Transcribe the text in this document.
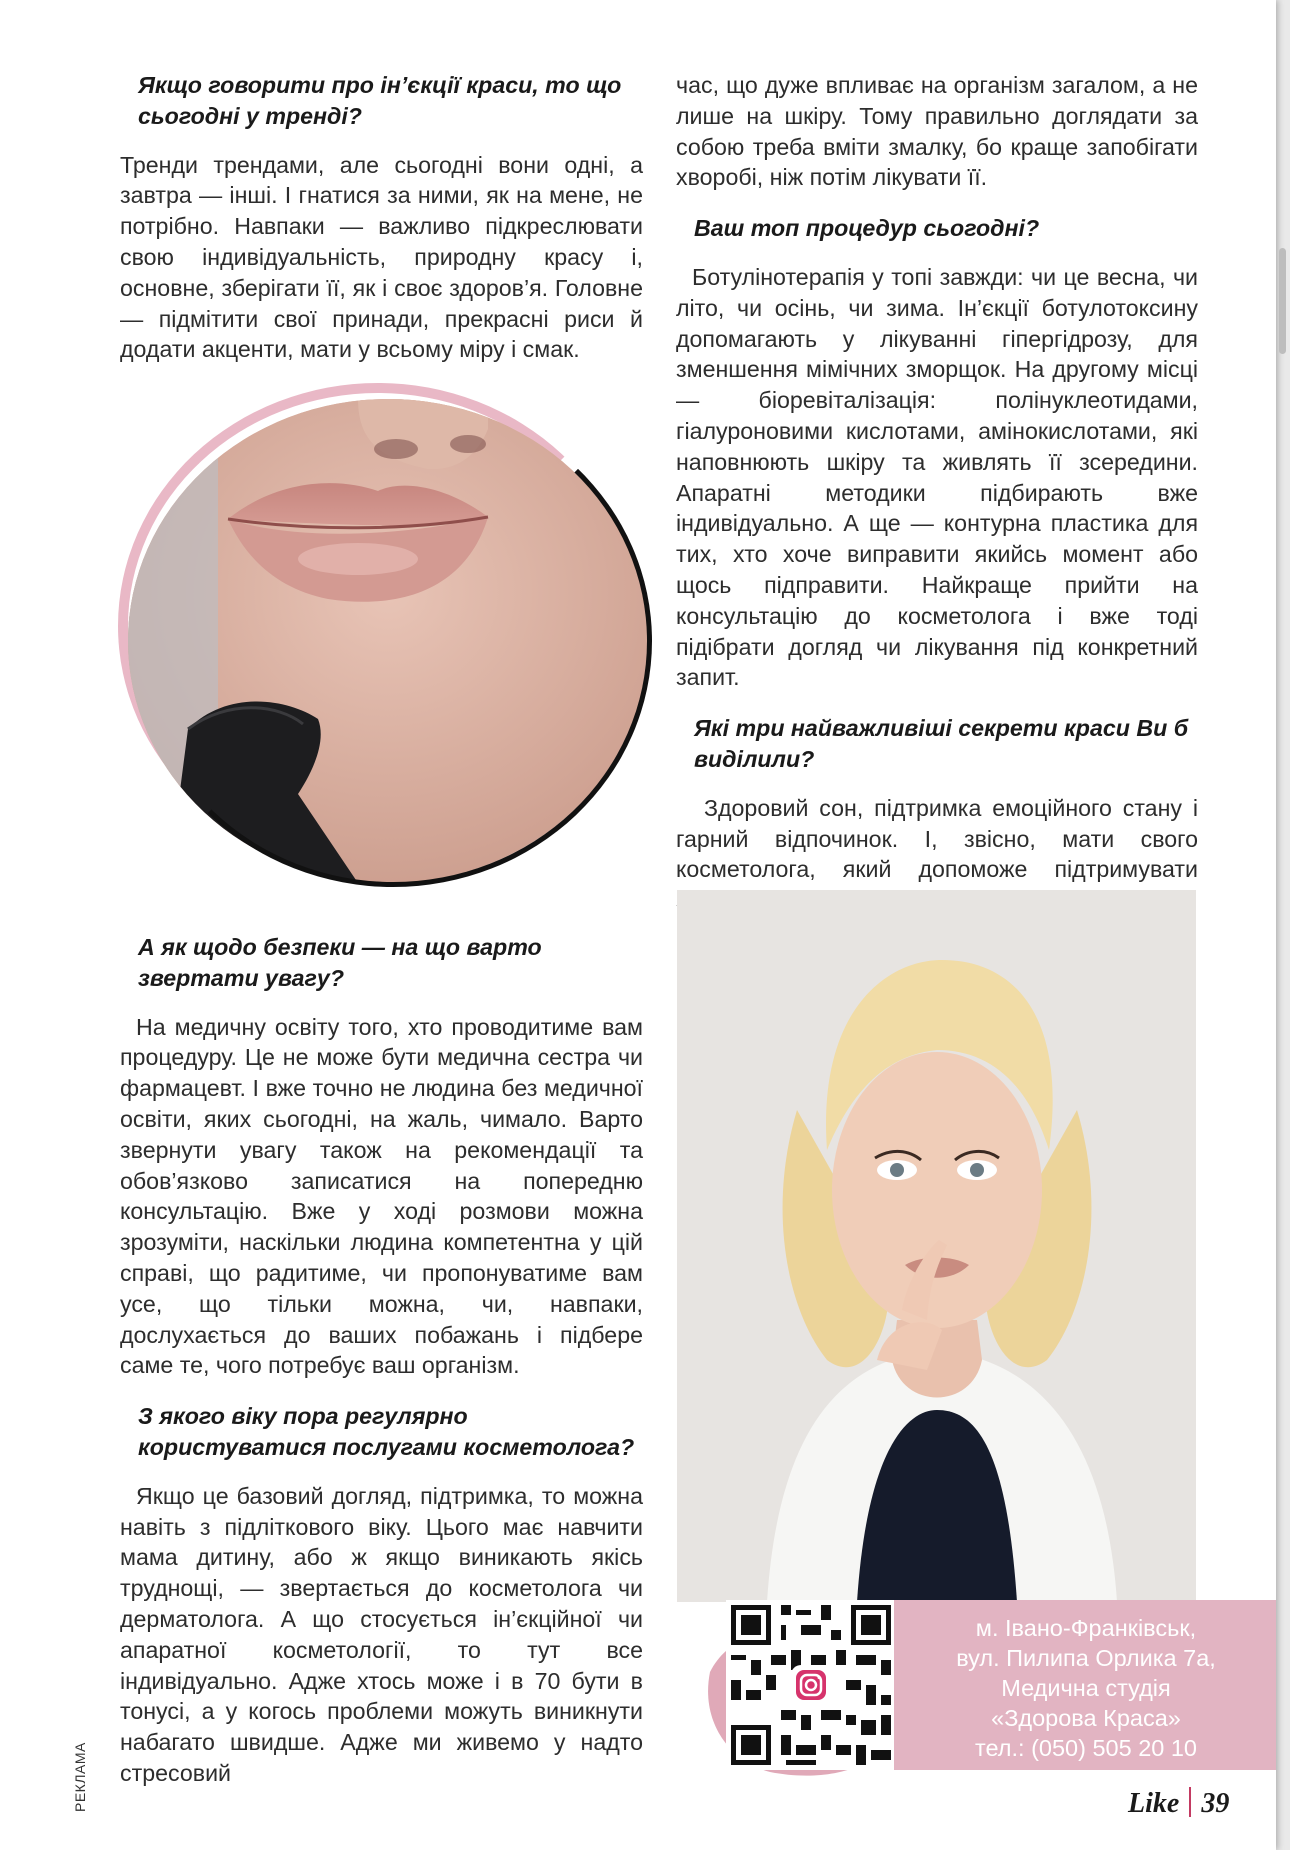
Якщо говорити про ін’єкції краси, то що сьогодні у тренді?

Тренди трендами, але сьогодні вони одні, а завтра — інші. І гнатися за ними, як на мене, не потрібно. Навпаки — важливо підкреслювати свою індивідуальність, природну красу і, основне, зберігати її, як і своє здоров’я. Головне — підмітити свої принади, прекрасні риси й додати акценти, мати у всьому міру і смак.

А як щодо безпеки — на що варто звертати увагу?

На медичну освіту того, хто проводитиме вам процедуру. Це не може бути медична сестра чи фармацевт. І вже точно не людина без медичної освіти, яких сьогодні, на жаль, чимало. Варто звернути увагу також на рекомендації та обов’язково записатися на попередню консультацію. Вже у ході розмови можна зрозуміти, наскільки людина компетентна у цій справі, що радитиме, чи пропонуватиме вам усе, що тільки можна, чи, навпаки, дослухається до ваших побажань і підбере саме те, чого потребує ваш організм.

З якого віку пора регулярно користуватися послугами косметолога?

Якщо це базовий догляд, підтримка, то можна навіть з підліткового віку. Цього має навчити мама дитину, або ж якщо виникають якісь труднощі, — звертається до косметолога чи дерматолога. А що стосується ін’єкційної чи апаратної косметології, то тут все індивідуально. Адже хтось може і в 70 бути в тонусі, а у когось проблеми можуть виникнути набагато швидше. Адже ми живемо у надто стресовий

час, що дуже впливає на організм загалом, а не лише на шкіру. Тому правильно доглядати за собою треба вміти змалку, бо краще запобігати хворобі, ніж потім лікувати її.

Ваш топ процедур сьогодні?

Ботулінотерапія у топі завжди: чи це весна, чи літо, чи осінь, чи зима. Ін’єкції ботулотоксину допомагають у лікуванні гіпергідрозу, для зменшення мімічних зморщок. На другому місці — біоревіталізація: полінуклеотидами, гіалуроновими кислотами, амінокислотами, які наповнюють шкіру та живлять її зсередини. Апаратні методики підбирають вже індивідуально. А ще — контурна пластика для тих, хто хоче виправити якийсь момент або щось підправити. Найкраще прийти на консультацію до косметолога і вже тоді підібрати догляд чи лікування під конкретний запит.

Які три найважливіші секрети краси Ви б виділили?

Здоровий сон, підтримка емоційного стану і гарний відпочинок. І, звісно, мати свого косметолога, який допоможе підтримувати

м. Івано-Франківськ,
вул. Пилипа Орлика 7а,
Медична студія
«Здорова Краса»
тел.: (050) 505 20 10
РЕКЛАМА	Like 39
